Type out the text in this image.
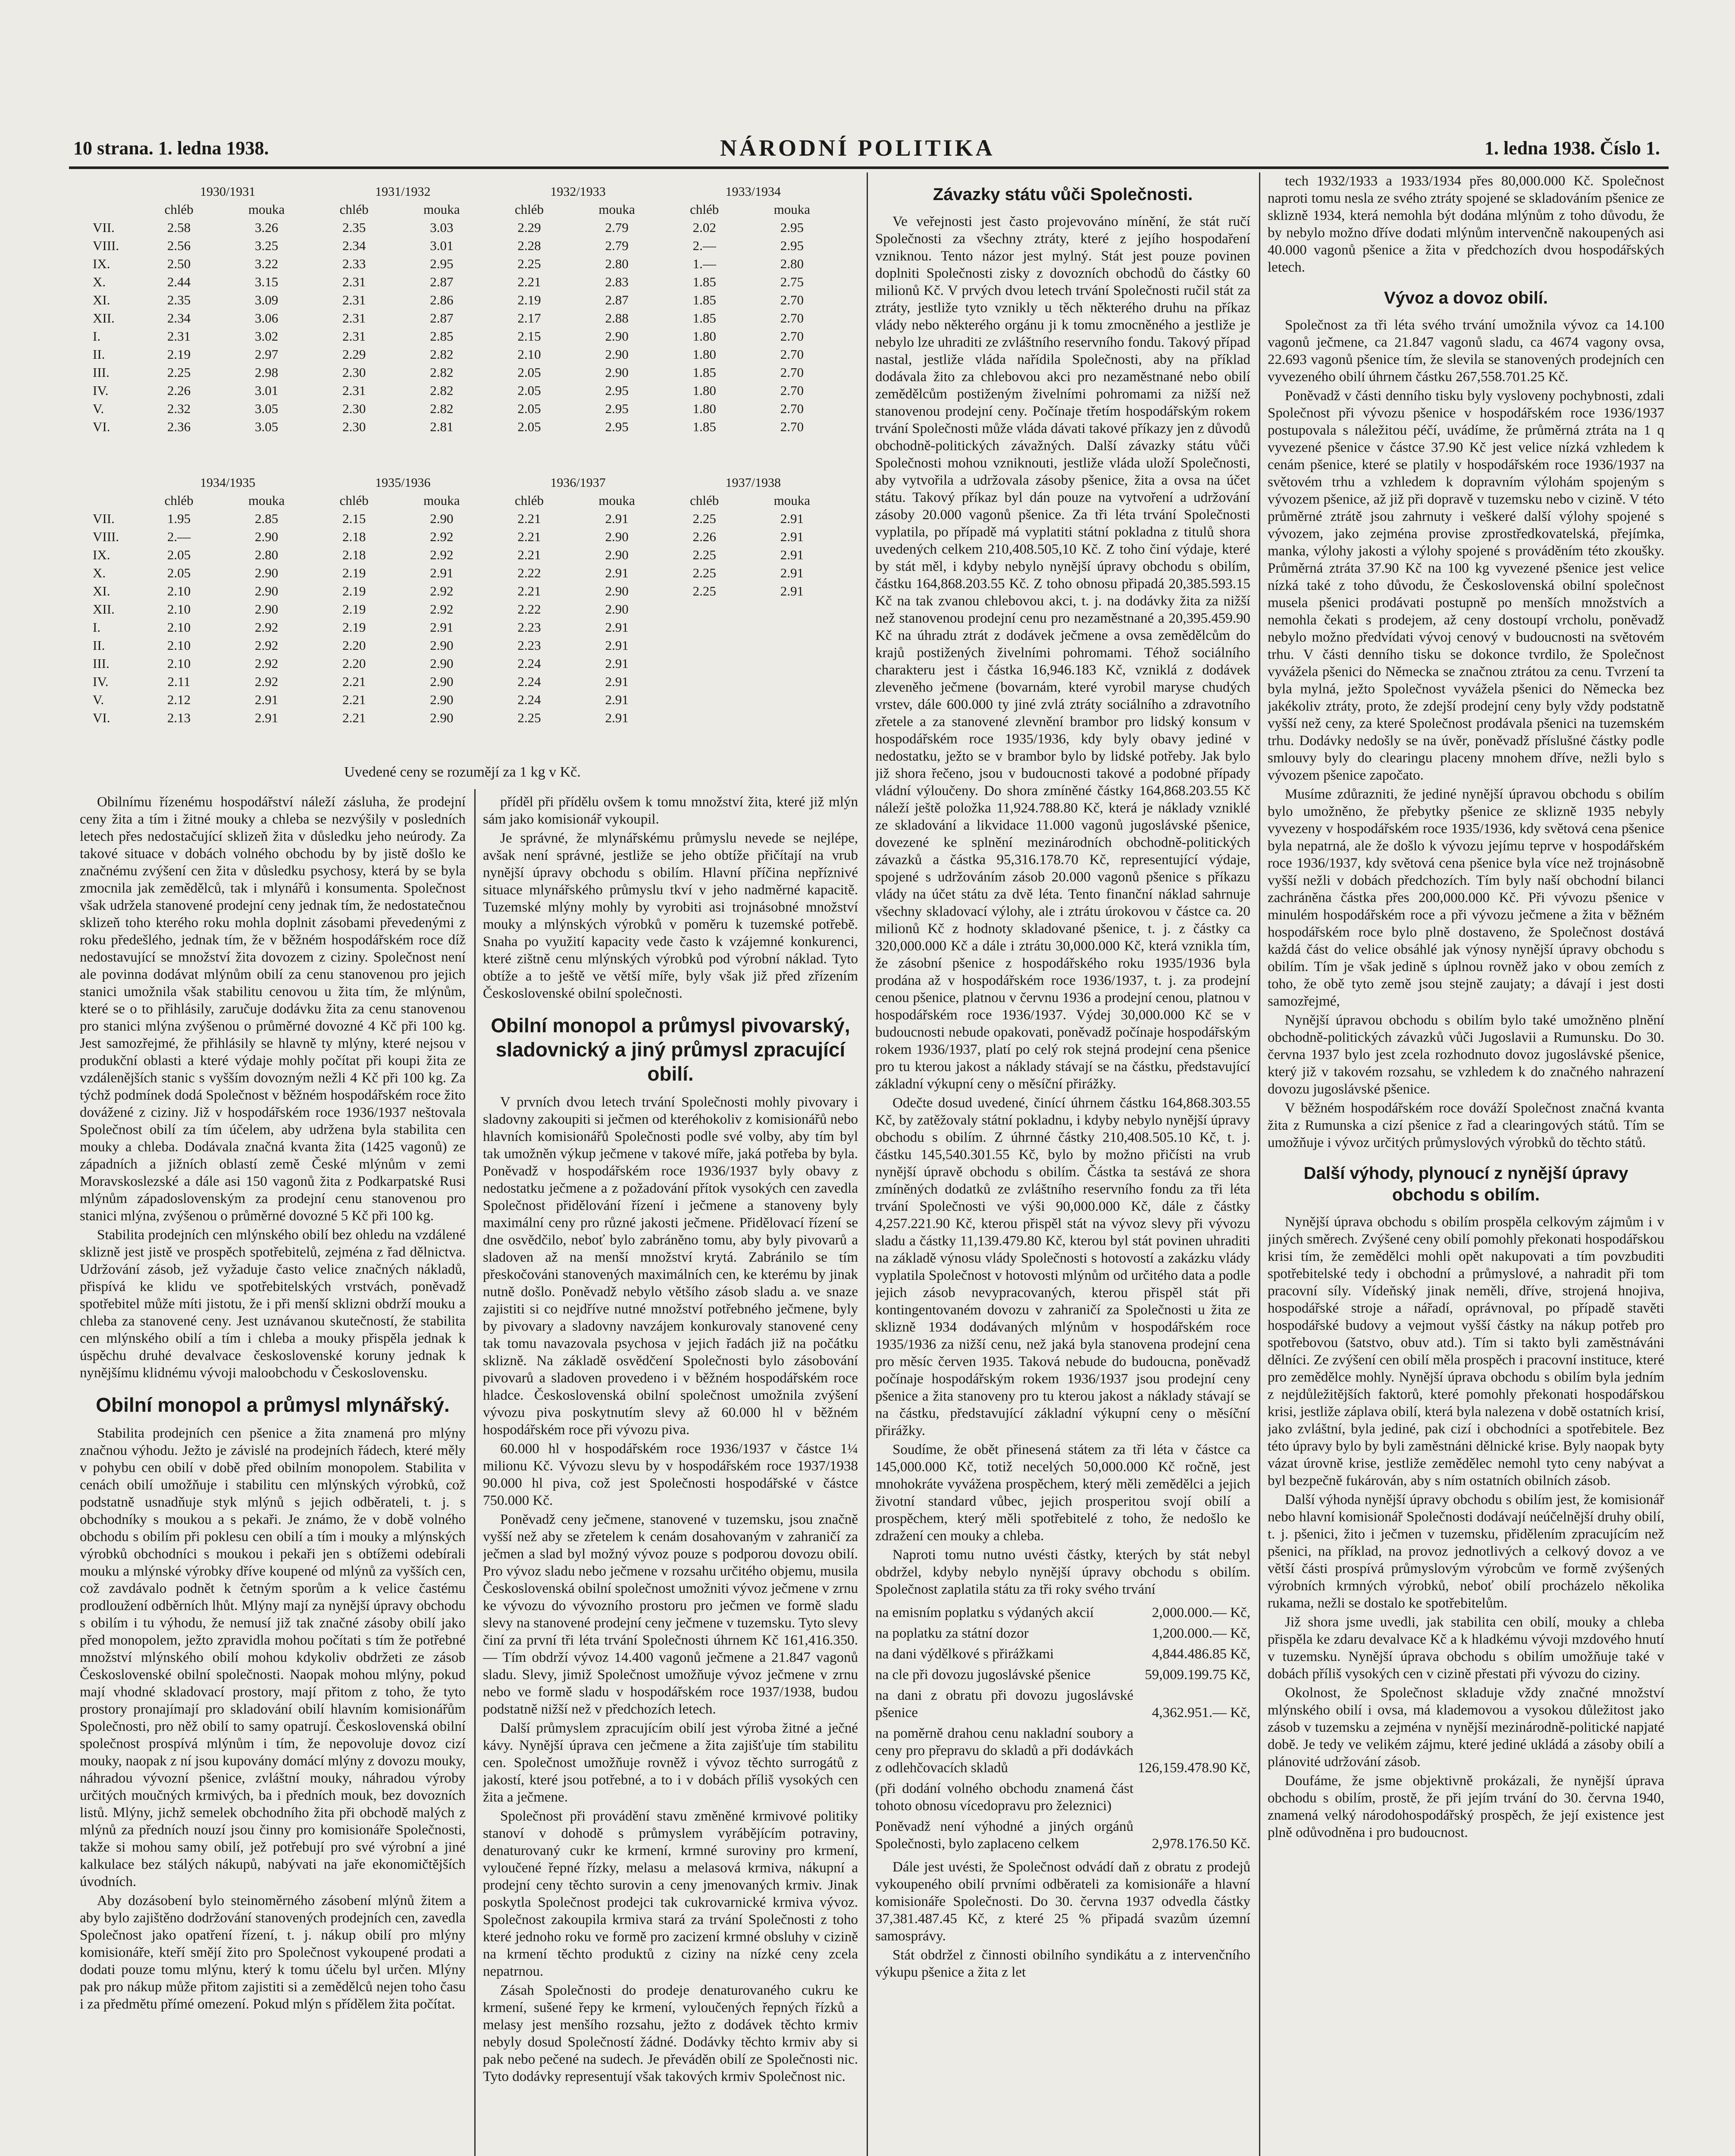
10 strana. 1. ledna 1938.	NÁRODNÍ POLITIKA	1. ledna 1938. Číslo 1.
	1930/1931		1931/1932		1932/1933		1933/1934	
	chléb	mouka	chléb	mouka	chléb	mouka	chléb	mouka
VII.	2.58	3.26	2.35	3.03	2.29	2.79	2.02	2.95
VIII.	2.56	3.25	2.34	3.01	2.28	2.79	2.—	2.95
IX.	2.50	3.22	2.33	2.95	2.25	2.80	1.—	2.80
X.	2.44	3.15	2.31	2.87	2.21	2.83	1.85	2.75
XI.	2.35	3.09	2.31	2.86	2.19	2.87	1.85	2.70
XII.	2.34	3.06	2.31	2.87	2.17	2.88	1.85	2.70
I.	2.31	3.02	2.31	2.85	2.15	2.90	1.80	2.70
II.	2.19	2.97	2.29	2.82	2.10	2.90	1.80	2.70
III.	2.25	2.98	2.30	2.82	2.05	2.90	1.85	2.70
IV.	2.26	3.01	2.31	2.82	2.05	2.95	1.80	2.70
V.	2.32	3.05	2.30	2.82	2.05	2.95	1.80	2.70
VI.	2.36	3.05	2.30	2.81	2.05	2.95	1.85	2.70
	1934/1935		1935/1936		1936/1937		1937/1938	
	chléb	mouka	chléb	mouka	chléb	mouka	chléb	mouka
VII.	1.95	2.85	2.15	2.90	2.21	2.91	2.25	2.91
VIII.	2.—	2.90	2.18	2.92	2.21	2.90	2.26	2.91
IX.	2.05	2.80	2.18	2.92	2.21	2.90	2.25	2.91
X.	2.05	2.90	2.19	2.91	2.22	2.91	2.25	2.91
XI.	2.10	2.90	2.19	2.92	2.21	2.90	2.25	2.91
XII.	2.10	2.90	2.19	2.92	2.22	2.90		
I.	2.10	2.92	2.19	2.91	2.23	2.91		
II.	2.10	2.92	2.20	2.90	2.23	2.91		
III.	2.10	2.92	2.20	2.90	2.24	2.91		
IV.	2.11	2.92	2.21	2.90	2.24	2.91		
V.	2.12	2.91	2.21	2.90	2.24	2.91		
VI.	2.13	2.91	2.21	2.90	2.25	2.91		
Uvedené ceny se rozumějí za 1 kg v Kč.

Obilnímu řízenému hospodářství náleží zásluha, že prodejní ceny žita a tím i žitné mouky a chleba se nezvýšily v posledních letech přes nedostačující sklizeň žita v důsledku jeho neúrody. Za takové situace v dobách volného obchodu by by jistě došlo ke značnému zvýšení cen žita v důsledku psychosy, která by se byla zmocnila jak zemědělců, tak i mlynářů i konsumenta. Společnost však udržela stanovené prodejní ceny jednak tím, že nedostatečnou sklizeň toho kterého roku mohla doplnit zásobami převedenými z roku předešlého, jednak tím, že v běžném hospodářském roce díž nedostavující se množství žita dovozem z ciziny. Společnost není ale povinna dodávat mlýnům obilí za cenu stanovenou pro jejich stanici umožnila však stabilitu cenovou u žita tím, že mlýnům, které se o to přihlásily, zaručuje dodávku žita za cenu stanovenou pro stanici mlýna zvýšenou o průměrné dovozné 4 Kč při 100 kg. Jest samozřejmé, že přihlásily se hlavně ty mlýny, které nejsou v produkční oblasti a které výdaje mohly počítat při koupi žita ze vzdálenějších stanic s vyšším dovozným nežli 4 Kč při 100 kg. Za týchž podmínek dodá Společnost v běžném hospodářském roce žito dovážené z ciziny. Již v hospodářském roce 1936/1937 neštovala Společnost obilí za tím účelem, aby udržena byla stabilita cen mouky a chleba. Dodávala značná kvanta žita (1425 vagonů) ze západních a jižních oblastí země České mlýnům v zemi Moravskoslezské a dále asi 150 vagonů žita z Podkarpatské Rusi mlýnům západoslovenským za prodejní cenu stanovenou pro stanici mlýna, zvýšenou o průměrné dovozné 5 Kč při 100 kg.

Stabilita prodejních cen mlýnského obilí bez ohledu na vzdálené sklizně jest jistě ve prospěch spotřebitelů, zejména z řad dělnictva. Udržování zásob, jež vyžaduje často velice značných nákladů, přispívá ke klidu ve spotřebitelských vrstvách, poněvadž spotřebitel může míti jistotu, že i při menší sklizni obdrží mouku a chleba za stanovené ceny. Jest uznávanou skutečností, že stabilita cen mlýnského obilí a tím i chleba a mouky přispěla jednak k úspěchu druhé devalvace československé koruny jednak k nynějšímu klidnému vývoji maloobchodu v Československu.

Obilní monopol a průmysl mlynářský.

Stabilita prodejních cen pšenice a žita znamená pro mlýny značnou výhodu. Ježto je závislé na prodejních řádech, které měly v pohybu cen obilí v době před obilním monopolem. Stabilita v cenách obilí umožňuje i stabilitu cen mlýnských výrobků, což podstatně usnadňuje styk mlýnů s jejich odběrateli, t. j. s obchodníky s moukou a s pekaři. Je známo, že v době volného obchodu s obilím při poklesu cen obilí a tím i mouky a mlýnských výrobků obchodníci s moukou i pekaři jen s obtížemi odebírali mouku a mlýnské výrobky dříve koupené od mlýnů za vyšších cen, což zavdávalo podnět k četným sporům a k velice častému prodloužení odběrních lhůt. Mlýny mají za nynější úpravy obchodu s obilím i tu výhodu, že nemusí již tak značné zásoby obilí jako před monopolem, ježto zpravidla mohou počítati s tím že potřebné množství mlýnského obilí mohou kdykoliv obdržeti ze zásob Československé obilní společnosti. Naopak mohou mlýny, pokud mají vhodné skladovací prostory, mají přitom z toho, že tyto prostory pronajímají pro skladování obilí hlavním komisionářům Společnosti, pro něž obilí to samy opatrují. Československá obilní společnost prospívá mlýnům i tím, že nepovoluje dovoz cizí mouky, naopak z ní jsou kupovány domácí mlýny z dovozu mouky, náhradou vývozní pšenice, zvláštní mouky, náhradou výroby určitých moučných krmivých, ba i předních mouk, bez dovozních listů. Mlýny, jichž semelek obchodního žita při obchodě malých z mlýnů za předních nouzí jsou činny pro komisionáře Společnosti, takže si mohou samy obilí, jež potřebují pro své výrobní a jiné kalkulace bez stálých nákupů, nabývati na jaře ekonomičtějších úvodních.

Aby dozásobení bylo steinoměrného zásobení mlýnů žitem a aby bylo zajištěno dodržování stanovených prodejních cen, zavedla Společnost jako opatření řízení, t. j. nákup obilí pro mlýny komisionáře, kteří smějí žito pro Společnost vykoupené prodati a dodati pouze tomu mlýnu, který k tomu účelu byl určen. Mlýny pak pro nákup může přitom zajistiti si a zemědělců nejen toho času i za předmětu přímé omezení. Pokud mlýn s přídělem žita počítat.

příděl při přídělu ovšem k tomu množství žita, které již mlýn sám jako komisionář vykoupil.

Je správné, že mlynářskému průmyslu nevede se nejlépe, avšak není správné, jestliže se jeho obtíže přičítají na vrub nynější úpravy obchodu s obilím. Hlavní příčina nepříznivé situace mlynářského průmyslu tkví v jeho nadměrné kapacitě. Tuzemské mlýny mohly by vyrobiti asi trojnásobné množství mouky a mlýnských výrobků v poměru k tuzemské potřebě. Snaha po využití kapacity vede často k vzájemné konkurenci, které zištně cenu mlýnských výrobků pod výrobní náklad. Tyto obtíže a to ještě ve větší míře, byly však již před zřízením Československé obilní společnosti.

Obilní monopol a průmysl pivovarský, sladovnický a jiný průmysl zpracující obilí.

V prvních dvou letech trvání Společnosti mohly pivovary i sladovny zakoupiti si ječmen od kteréhokoliv z komisionářů nebo hlavních komisionářů Společnosti podle své volby, aby tím byl tak umožněn výkup ječmene v takové míře, jaká potřeba by byla. Poněvadž v hospodářském roce 1936/1937 byly obavy z nedostatku ječmene a z požadování přítok vysokých cen zavedla Společnost přidělování řízení i ječmene a stanoveny byly maximální ceny pro různé jakosti ječmene. Přidělovací řízení se dne osvědčilo, neboť bylo zabráněno tomu, aby byly pivovarů a sladoven až na menší množství krytá. Zabránilo se tím přeskočováni stanovených maximálních cen, ke kterému by jinak nutně došlo. Poněvadž nebylo většího zásob sladu a. ve snaze zajistiti si co nejdříve nutné množství potřebného ječmene, byly by pivovary a sladovny navzájem konkurovaly stanovené ceny tak tomu navazovala psychosa v jejich řadách již na počátku sklizně. Na základě osvědčení Společnosti bylo zásobování pivovarů a sladoven provedeno i v běžném hospodářském roce hladce. Československá obilní společnost umožnila zvýšení vývozu piva poskytnutím slevy až 60.000 hl v běžném hospodářském roce při vývozu piva.

60.000 hl v hospodářském roce 1936/1937 v částce 1¼ milionu Kč. Vývozu slevu by v hospodářském roce 1937/1938 90.000 hl piva, což jest Společnosti hospodářské v částce 750.000 Kč.

Poněvadž ceny ječmene, stanovené v tuzemsku, jsou značně vyšší než aby se zřetelem k cenám dosahovaným v zahraničí za ječmen a slad byl možný vývoz pouze s podporou dovozu obilí. Pro vývoz sladu nebo ječmene v rozsahu určitého objemu, musila Československá obilní společnost umožniti vývoz ječmene v zrnu ke vývozu do vývozního prostoru pro ječmen ve formě sladu slevy na stanovené prodejní ceny ječmene v tuzemsku. Tyto slevy činí za první tři léta trvání Společnosti úhrnem Kč 161,416.350.— Tím obdrží vývoz 14.400 vagonů ječmene a 21.847 vagonů sladu. Slevy, jimiž Společnost umožňuje vývoz ječmene v zrnu nebo ve formě sladu v hospodářském roce 1937/1938, budou podstatně nižší než v předchozích letech.

Další průmyslem zpracujícím obilí jest výroba žitné a ječné kávy. Nynější úprava cen ječmene a žita zajišťuje tím stabilitu cen. Společnost umožňuje rovněž i vývoz těchto surrogátů z jakostí, které jsou potřebné, a to i v dobách příliš vysokých cen žita a ječmene.

Společnost při provádění stavu změněné krmivové politiky stanoví v dohodě s průmyslem vyrábějícím potraviny, denaturovaný cukr ke krmení, krmné suroviny pro krmení, vyloučené řepné řízky, melasu a melasová krmiva, nákupní a prodejní ceny těchto surovin a ceny jmenovaných krmiv. Jinak poskytla Společnost prodejci tak cukrovarnické krmiva vývoz. Společnost zakoupila krmiva stará za trvání Společnosti z toho které jednoho roku ve formě pro zacizení krmné obsluhy v cizině na krmení těchto produktů z ciziny na nízké ceny zcela nepatrnou.

Zásah Společnosti do prodeje denaturovaného cukru ke krmení, sušené řepy ke krmení, vyloučených řepných řízků a melasy jest menšího rozsahu, ježto z dodávek těchto krmiv nebyly dosud Společností žádné. Dodávky těchto krmiv aby si pak nebo pečené na sudech. Je převáděn obilí ze Společnosti nic. Tyto dodávky representují však takových krmiv Společnost nic.

Závazky státu vůči Společnosti.

Ve veřejnosti jest často projevováno mínění, že stát ručí Společnosti za všechny ztráty, které z jejího hospodaření vzniknou. Tento názor jest mylný. Stát jest pouze povinen doplniti Společnosti zisky z dovozních obchodů do částky 60 milionů Kč. V prvých dvou letech trvání Společnosti ručil stát za ztráty, jestliže tyto vznikly u těch některého druhu na příkaz vlády nebo některého orgánu ji k tomu zmocněného a jestliže je nebylo lze uhraditi ze zvláštního reservního fondu. Takový případ nastal, jestliže vláda nařídila Společnosti, aby na příklad dodávala žito za chlebovou akci pro nezaměstnané nebo obilí zemědělcům postiženým živelními pohromami za nižší než stanovenou prodejní ceny. Počínaje třetím hospodářským rokem trvání Společnosti může vláda dávati takové příkazy jen z důvodů obchodně-politických závažných. Další závazky státu vůči Společnosti mohou vzniknouti, jestliže vláda uloží Společnosti, aby vytvořila a udržovala zásoby pšenice, žita a ovsa na účet státu. Takový příkaz byl dán pouze na vytvoření a udržování zásoby 20.000 vagonů pšenice. Za tři léta trvání Společnosti vyplatila, po případě má vyplatiti státní pokladna z titulů shora uvedených celkem 210,408.505,10 Kč. Z toho činí výdaje, které by stát měl, i kdyby nebylo nynější úpravy obchodu s obilím, částku 164,868.203.55 Kč. Z toho obnosu připadá 20,385.593.15 Kč na tak zvanou chlebovou akci, t. j. na dodávky žita za nižší než stanovenou prodejní cenu pro nezaměstnané a 20,395.459.90 Kč na úhradu ztrát z dodávek ječmene a ovsa zemědělcům do krajů postižených živelními pohromami. Téhož sociálního charakteru jest i částka 16,946.183 Kč, vzniklá z dodávek zleveněho ječmene (bovarnám, které vyrobil maryse chudých vrstev, dále 600.000 ty jiné zvlá ztráty sociálního a zdravotního zřetele a za stanovené zlevnění brambor pro lidský konsum v hospodářském roce 1935/1936, kdy byly obavy jediné v nedostatku, ježto se v brambor bylo by lidské potřeby. Jak bylo již shora řečeno, jsou v budoucnosti takové a podobné případy vládní výloučeny. Do shora zmíněné částky 164,868.203.55 Kč náleží ještě položka 11,924.788.80 Kč, která je náklady vzniklé ze skladování a likvidace 11.000 vagonů jugoslávské pšenice, dovezené ke splnění mezinárodních obchodně-politických závazků a částka 95,316.178.70 Kč, representující výdaje, spojené s udržováním zásob 20.000 vagonů pšenice s příkazu vlády na účet státu za dvě léta. Tento finanční náklad sahrnuje všechny skladovací výlohy, ale i ztrátu úrokovou v částce ca. 20 milionů Kč z hodnoty skladované pšenice, t. j. z částky ca 320,000.000 Kč a dále i ztrátu 30,000.000 Kč, která vznikla tím, že zásobní pšenice z hospodářského roku 1935/1936 byla prodána až v hospodářském roce 1936/1937, t. j. za prodejní cenou pšenice, platnou v červnu 1936 a prodejní cenou, platnou v hospodářském roce 1936/1937. Výdej 30,000.000 Kč se v budoucnosti nebude opakovati, poněvadž počínaje hospodářským rokem 1936/1937, platí po celý rok stejná prodejní cena pšenice pro tu kterou jakost a náklady stávají se na částku, představující základní výkupní ceny o měsíční přirážky.

Odečte dosud uvedené, činící úhrnem částku 164,868.303.55 Kč, by zatěžovaly státní pokladnu, i kdyby nebylo nynější úpravy obchodu s obilím. Z úhrnné částky 210,408.505.10 Kč, t. j. částku 145,540.301.55 Kč, bylo by možno přičísti na vrub nynější úpravě obchodu s obilím. Částka ta sestává ze shora zmíněných dodatků ze zvláštního reservního fondu za tři léta trvání Společnosti ve výši 90,000.000 Kč, dále z částky 4,257.221.90 Kč, kterou přispěl stát na vývoz slevy při vývozu sladu a částky 11,139.479.80 Kč, kterou byl stát povinen uhraditi na základě výnosu vlády Společnosti s hotovostí a zakázku vlády vyplatila Společnost v hotovosti mlýnům od určitého data a podle jejich zásob nevypracovaných, kterou přispěl stát při kontingentovaném dovozu v zahraničí za Společnosti u žita ze sklizně 1934 dodávaných mlýnům v hospodářském roce 1935/1936 za nižší cenu, než jaká byla stanovena prodejní cena pro měsíc červen 1935. Taková nebude do budoucna, poněvadž počínaje hospodářským rokem 1936/1937 jsou prodejní ceny pšenice a žita stanoveny pro tu kterou jakost a náklady stávají se na částku, představující základní výkupní ceny o měsíční přirážky.

Soudíme, že obět přinesená státem za tři léta v částce ca 145,000.000 Kč, totiž necelých 50,000.000 Kč ročně, jest mnohokráte vyvážena prospěchem, který měli zemědělci a jejich životní standard vůbec, jejich prosperitou svojí obilí a prospěchem, který měli spotřebitelé z toho, že nedošlo ke zdražení cen mouky a chleba.

Naproti tomu nutno uvésti částky, kterých by stát nebyl obdržel, kdyby nebylo nynější úpravy obchodu s obilím. Společnost zaplatila státu za tři roky svého trvání

na emisním poplatku s výdaných akcií	2,000.000.— Kč,
na poplatku za státní dozor	1,200.000.— Kč,
na dani výdělkové s přirážkami	4,844.486.85 Kč,
na cle při dovozu jugoslávské pšenice	59,009.199.75 Kč,
na dani z obratu při dovozu jugoslávské pšenice	4,362.951.— Kč,
na poměrně drahou cenu nakladní soubory a ceny pro přepravu do skladů a při dodávkách z odlehčovacích skladů	126,159.478.90 Kč,
(při dodání volného obchodu znamená část tohoto obnosu vícedopravu pro železnici)	
Poněvadž není výhodné a jiných orgánů Společnosti, bylo zaplaceno celkem	2,978.176.50 Kč.

Dále jest uvésti, že Společnost odvádí daň z obratu z prodejů vykoupeného obilí prvními odběrateli za komisionáře a hlavní komisionáře Společnosti. Do 30. června 1937 odvedla částky 37,381.487.45 Kč, z které 25 % připadá svazům územní samosprávy.

Stát obdržel z činnosti obilního syndikátu a z intervenčního výkupu pšenice a žita z let

tech 1932/1933 a 1933/1934 přes 80,000.000 Kč. Společnost naproti tomu nesla ze svého ztráty spojené se skladováním pšenice ze sklizně 1934, která nemohla být dodána mlýnům z toho důvodu, že by nebylo možno dříve dodati mlýnům intervenčně nakoupených asi 40.000 vagonů pšenice a žita v předchozích dvou hospodářských letech.

Vývoz a dovoz obilí.

Společnost za tři léta svého trvání umožnila vývoz ca 14.100 vagonů ječmene, ca 21.847 vagonů sladu, ca 4674 vagony ovsa, 22.693 vagonů pšenice tím, že slevila se stanovených prodejních cen vyvezeného obilí úhrnem částku 267,558.701.25 Kč.

Poněvadž v části denního tisku byly vysloveny pochybnosti, zdali Společnost při vývozu pšenice v hospodářském roce 1936/1937 postupovala s náležitou péčí, uvádíme, že průměrná ztráta na 1 q vyvezené pšenice v částce 37.90 Kč jest velice nízká vzhledem k cenám pšenice, které se platily v hospodářském roce 1936/1937 na světovém trhu a vzhledem k dopravním výlohám spojeným s vývozem pšenice, až již při dopravě v tuzemsku nebo v cizině. V této průměrné ztrátě jsou zahrnuty i veškeré další výlohy spojené s vývozem, jako zejména provise zprostředkovatelská, přejímka, manka, výlohy jakosti a výlohy spojené s prováděním této zkoušky. Průměrná ztráta 37.90 Kč na 100 kg vyvezené pšenice jest velice nízká také z toho důvodu, že Československá obilní společnost musela pšenici prodávati postupně po menších množstvích a nemohla čekati s prodejem, až ceny dostoupí vrcholu, poněvadž nebylo možno předvídati vývoj cenový v budoucnosti na světovém trhu. V části denního tisku se dokonce tvrdilo, že Společnost vyvážela pšenici do Německa se značnou ztrátou za cenu. Tvrzení ta byla mylná, ježto Společnost vyvážela pšenici do Německa bez jakékoliv ztráty, proto, že zdejší prodejní ceny byly vždy podstatně vyšší než ceny, za které Společnost prodávala pšenici na tuzemském trhu. Dodávky nedošly se na úvěr, poněvadž příslušné částky podle smlouvy byly do clearingu placeny mnohem dříve, nežli bylo s vývozem pšenice započato.

Musíme zdůrazniti, že jediné nynější úpravou obchodu s obilím bylo umožněno, že přebytky pšenice ze sklizně 1935 nebyly vyvezeny v hospodářském roce 1935/1936, kdy světová cena pšenice byla nepatrná, ale že došlo k vývozu jejímu teprve v hospodářském roce 1936/1937, kdy světová cena pšenice byla více než trojnásobně vyšší nežli v dobách předchozích. Tím byly naší obchodní bilanci zachráněna částka přes 200,000.000 Kč. Při vývozu pšenice v minulém hospodářském roce a při vývozu ječmene a žita v běžném hospodářském roce bylo plně dostaveno, že Společnost dostává každá část do velice obsáhlé jak výnosy nynější úpravy obchodu s obilím. Tím je však jedině s úplnou rovněž jako v obou zemích z toho, že obě tyto země jsou stejně zaujaty; a dávají i jest dosti samozřejmé,

Nynější úpravou obchodu s obilím bylo také umožněno plnění obchodně-politických závazků vůči Jugoslavii a Rumunsku. Do 30. června 1937 bylo jest zcela rozhodnuto dovoz jugoslávské pšenice, který již v takovém rozsahu, se vzhledem k do značného nahrazení dovozu jugoslávské pšenice.

V běžném hospodářském roce dováží Společnost značná kvanta žita z Rumunska a cizí pšenice z řad a clearingových států. Tím se umožňuje i vývoz určitých průmyslových výrobků do těchto států.

Další výhody, plynoucí z nynější úpravy obchodu s obilím.

Nynější úprava obchodu s obilím prospěla celkovým zájmům i v jiných směrech. Zvýšené ceny obilí pomohly překonati hospodářskou krisi tím, že zemědělci mohli opět nakupovati a tím povzbuditi spotřebitelské tedy i obchodní a průmyslové, a nahradit při tom pracovní síly. Vídeňský jinak neměli, dříve, strojená hnojiva, hospodářské stroje a nářadí, oprávnoval, po případě stavěti hospodářské budovy a vejmout vyšší částky na nákup potřeb pro spotřebovou (šatstvo, obuv atd.). Tím si takto byli zaměstnáváni dělníci. Ze zvýšení cen obilí měla prospěch i pracovní instituce, které pro zemědělce mohly. Nynější úprava obchodu s obilím byla jedním z nejdůležitějších faktorů, které pomohly překonati hospodářskou krisi, jestliže záplava obilí, která byla nalezena v době ostatních krisí, jako zvláštní, byla jediné, pak cizí i obchodníci a spotřebitele. Bez této úpravy bylo by byli zaměstnáni dělnické krise. Byly naopak byty vázat úrovně krise, jestliže zemědělec nemohl tyto ceny nabývat a byl bezpečně fukárován, aby s ním ostatních obilních zásob.

Další výhoda nynější úpravy obchodu s obilím jest, že komisionář nebo hlavní komisionář Společnosti dodávají neúčelnější druhy obilí, t. j. pšenici, žito i ječmen v tuzemsku, přidělením zpracujícím než pšenici, na příklad, na provoz jednotlivých a celkový dovoz a ve větší části prospívá průmyslovým výrobcům ve formě zvýšených výrobních krmných výrobků, neboť obilí procházelo několika rukama, nežli se dostalo ke spotřebitelům.

Již shora jsme uvedli, jak stabilita cen obilí, mouky a chleba přispěla ke zdaru devalvace Kč a k hladkému vývoji mzdového hnutí v tuzemsku. Nynější úprava obchodu s obilím umožňuje také v dobách příliš vysokých cen v cizině přestati při vývozu do ciziny.

Okolnost, že Společnost skladuje vždy značné množství mlýnského obilí i ovsa, má klademovou a vysokou důležitost jako zásob v tuzemsku a zejména v nynější mezinárodně-politické napjaté době. Je tedy ve velikém zájmu, které jediné ukládá a zásoby obilí a plánovité udržování zásob.

Doufáme, že jsme objektivně prokázali, že nynější úprava obchodu s obilím, prostě, že při jejím trvání do 30. června 1940, znamená velký národohospodářský prospěch, že její existence jest plně odůvodněna i pro budoucnost.
